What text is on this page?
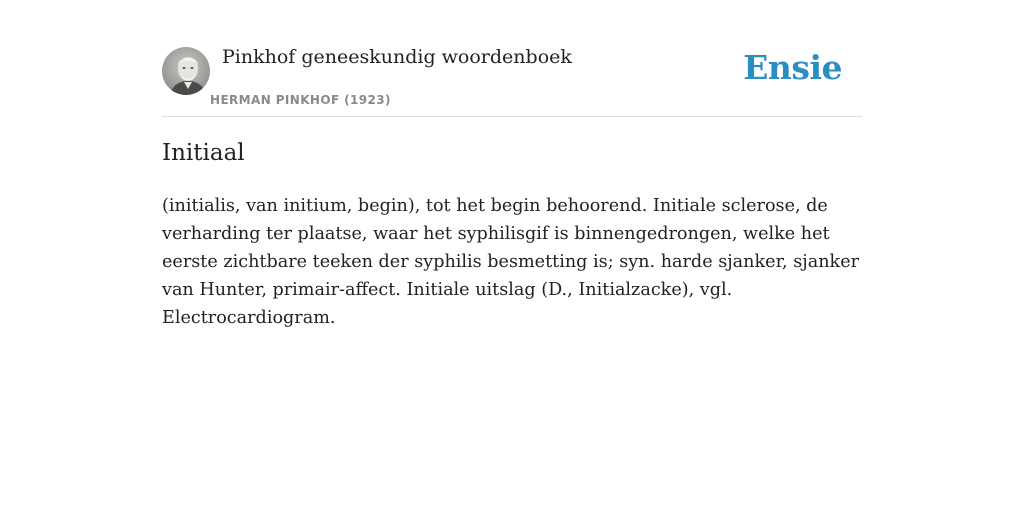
Pinkhof geneeskundig woordenboek
HERMAN PINKHOF (1923)
Ensie
Initiaal

(initialis, van initium, begin), tot het begin behoorend. Initiale sclerose, de verharding ter plaatse, waar het syphilisgif is binnengedrongen, welke het eerste zichtbare teeken der syphilis besmetting is; syn. harde sjanker, sjanker van Hunter, primair-affect. Initiale uitslag (D., Initialzacke), vgl. Electrocardiogram.
